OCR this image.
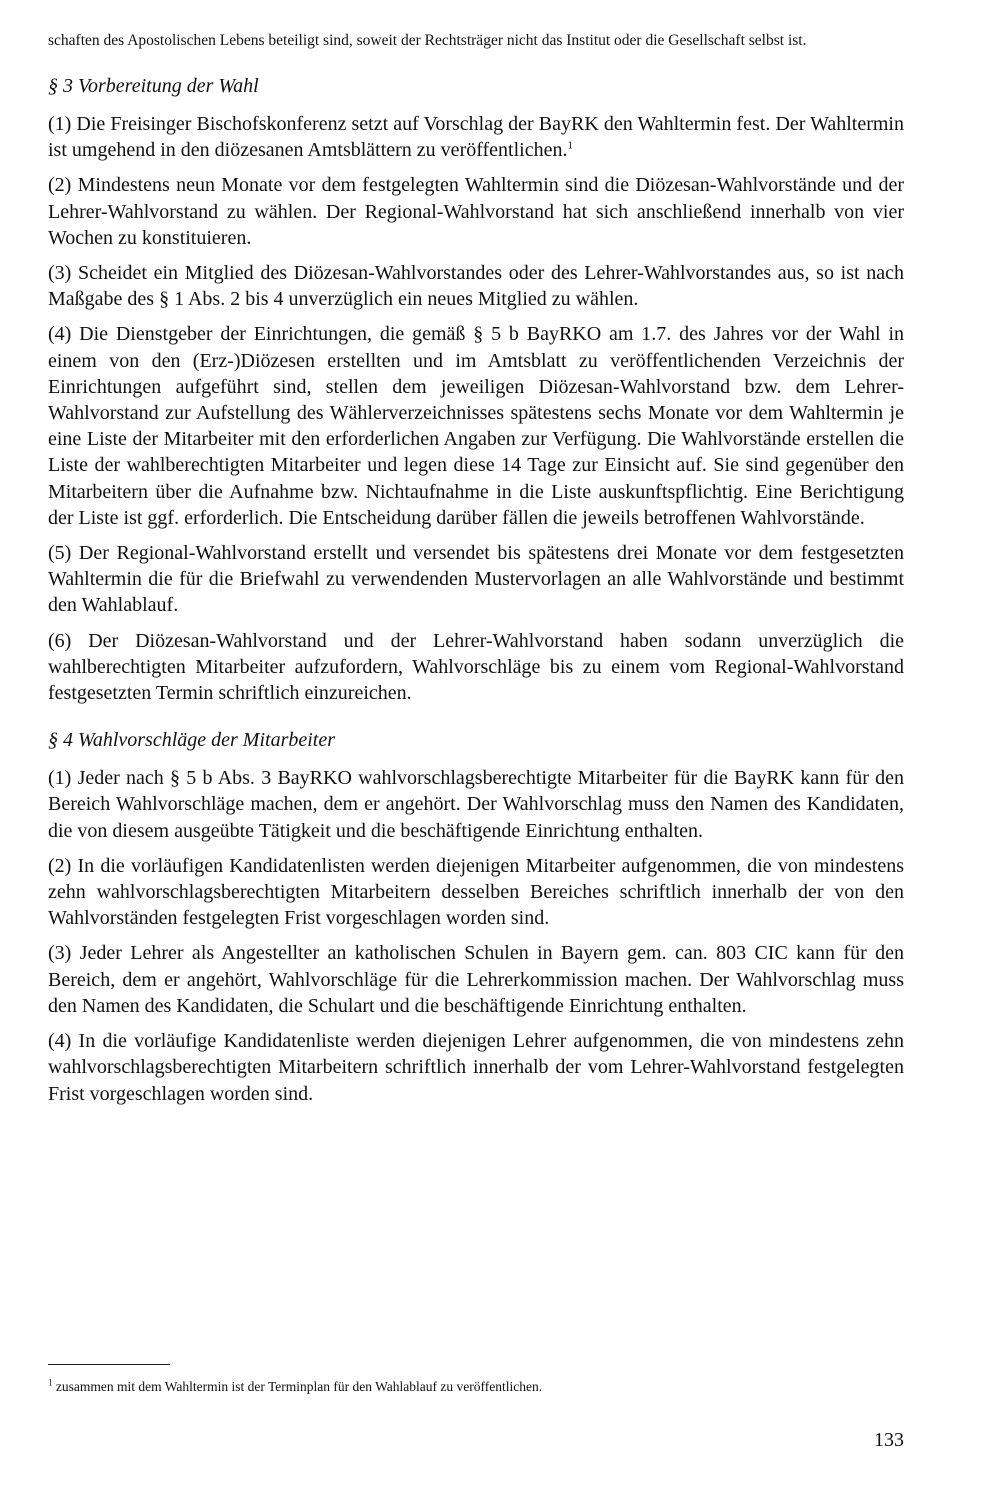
schaften des Apostolischen Lebens beteiligt sind, soweit der Rechtsträger nicht das Institut oder die Gesellschaft selbst ist.

§ 3 Vorbereitung der Wahl

(1) Die Freisinger Bischofskonferenz setzt auf Vorschlag der BayRK den Wahltermin fest. Der Wahltermin ist umgehend in den diözesanen Amtsblättern zu veröffentlichen.$^1$

(2) Mindestens neun Monate vor dem festgelegten Wahltermin sind die Diözesan-Wahlvorstände und der Lehrer-Wahlvorstand zu wählen. Der Regional-Wahlvorstand hat sich anschließend innerhalb von vier Wochen zu konstituieren.

(3) Scheidet ein Mitglied des Diözesan-Wahlvorstandes oder des Lehrer-Wahlvorstandes aus, so ist nach Maßgabe des § 1 Abs. 2 bis 4 unverzüglich ein neues Mitglied zu wählen.

(4) Die Dienstgeber der Einrichtungen, die gemäß § 5 b BayRKO am 1.7. des Jahres vor der Wahl in einem von den (Erz-)Diözesen erstellten und im Amtsblatt zu veröffentlichenden Verzeichnis der Einrichtungen aufgeführt sind, stellen dem jeweiligen Diözesan-Wahlvorstand bzw. dem Lehrer-Wahlvorstand zur Aufstellung des Wählerverzeichnisses spätestens sechs Monate vor dem Wahltermin je eine Liste der Mitarbeiter mit den erforderlichen Angaben zur Verfügung. Die Wahlvorstände erstellen die Liste der wahlberechtigten Mitarbeiter und legen diese 14 Tage zur Einsicht auf. Sie sind gegenüber den Mitarbeitern über die Aufnahme bzw. Nichtaufnahme in die Liste auskunftspflichtig. Eine Berichtigung der Liste ist ggf. erforderlich. Die Entscheidung darüber fällen die jeweils betroffenen Wahlvorstände.

(5) Der Regional-Wahlvorstand erstellt und versendet bis spätestens drei Monate vor dem festgesetzten Wahltermin die für die Briefwahl zu verwendenden Mustervorlagen an alle Wahlvorstände und bestimmt den Wahlablauf.

(6) Der Diözesan-Wahlvorstand und der Lehrer-Wahlvorstand haben sodann unverzüglich die wahlberechtigten Mitarbeiter aufzufordern, Wahlvorschläge bis zu einem vom Regional-Wahlvorstand festgesetzten Termin schriftlich einzureichen.

§ 4 Wahlvorschläge der Mitarbeiter

(1) Jeder nach § 5 b Abs. 3 BayRKO wahlvorschlagsberechtigte Mitarbeiter für die BayRK kann für den Bereich Wahlvorschläge machen, dem er angehört. Der Wahlvorschlag muss den Namen des Kandidaten, die von diesem ausgeübte Tätigkeit und die beschäftigende Einrichtung enthalten.

(2) In die vorläufigen Kandidatenlisten werden diejenigen Mitarbeiter aufgenommen, die von mindestens zehn wahlvorschlagsberechtigten Mitarbeitern desselben Bereiches schriftlich innerhalb der von den Wahlvorständen festgelegten Frist vorgeschlagen worden sind.

(3) Jeder Lehrer als Angestellter an katholischen Schulen in Bayern gem. can. 803 CIC kann für den Bereich, dem er angehört, Wahlvorschläge für die Lehrerkommission machen. Der Wahlvorschlag muss den Namen des Kandidaten, die Schulart und die beschäftigende Einrichtung enthalten.

(4) In die vorläufige Kandidatenliste werden diejenigen Lehrer aufgenommen, die von mindestens zehn wahlvorschlagsberechtigten Mitarbeitern schriftlich innerhalb der vom Lehrer-Wahlvorstand festgelegten Frist vorgeschlagen worden sind.

$^1$ zusammen mit dem Wahltermin ist der Terminplan für den Wahlablauf zu veröffentlichen.
133
